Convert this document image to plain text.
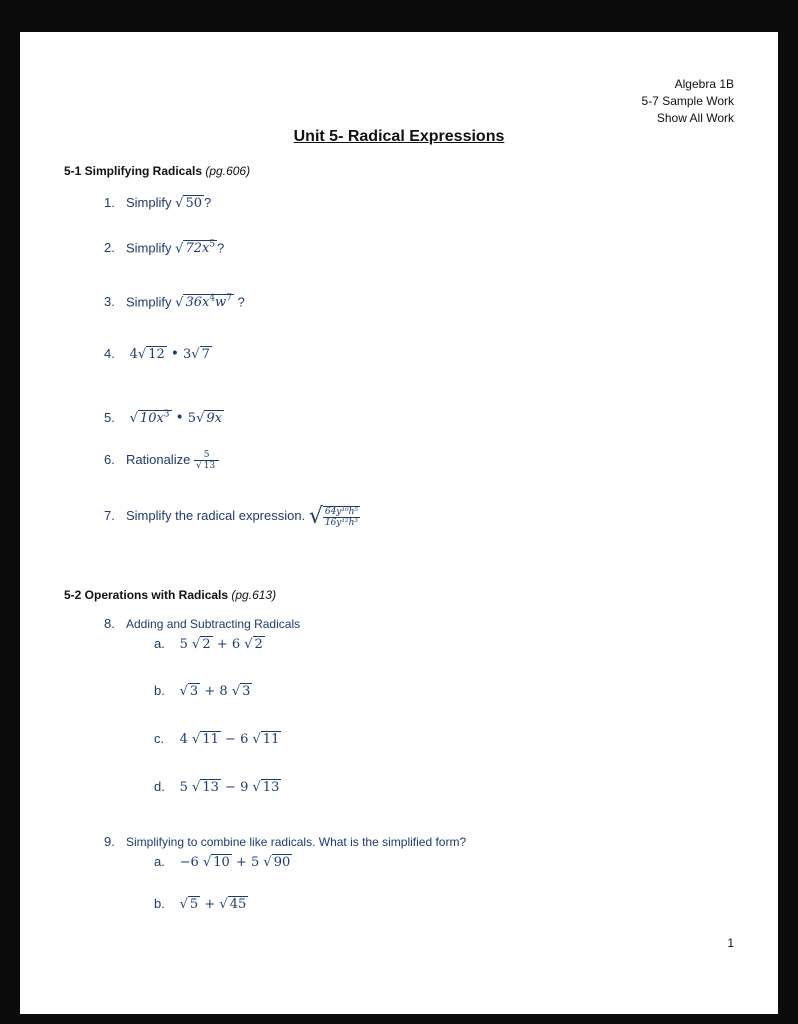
Algebra 1B
5-7 Sample Work
Show All Work
Unit 5- Radical Expressions
5-1 Simplifying Radicals (pg.606)
1. Simplify √ 50 ?
2. Simplify √ $72x^5$ ?
3. Simplify √ $36x^4w^7$ ?
4. 4√ 12 • 3√ 7
5. √ $10x^3$ • 5√ 9x
6. Rationalize $\frac{5}{√ 13}$
7. Simplify the radical expression. √ $\frac{\text{64y¹⁰h⁵}}{\text{16y¹²h³}}$
5-2 Operations with Radicals (pg.613)
8. Adding and Subtracting Radicals
a. 5 √ 2 + 6 √ 2
b. √ 3 + 8 √ 3
c. 4 √ 11 − 6 √ 11
d. 5 √ 13 − 9 √ 13
9. Simplifying to combine like radicals. What is the simplified form?
a. −6 √ 10 + 5 √ 90
b. √ 5 + √ 45
1
